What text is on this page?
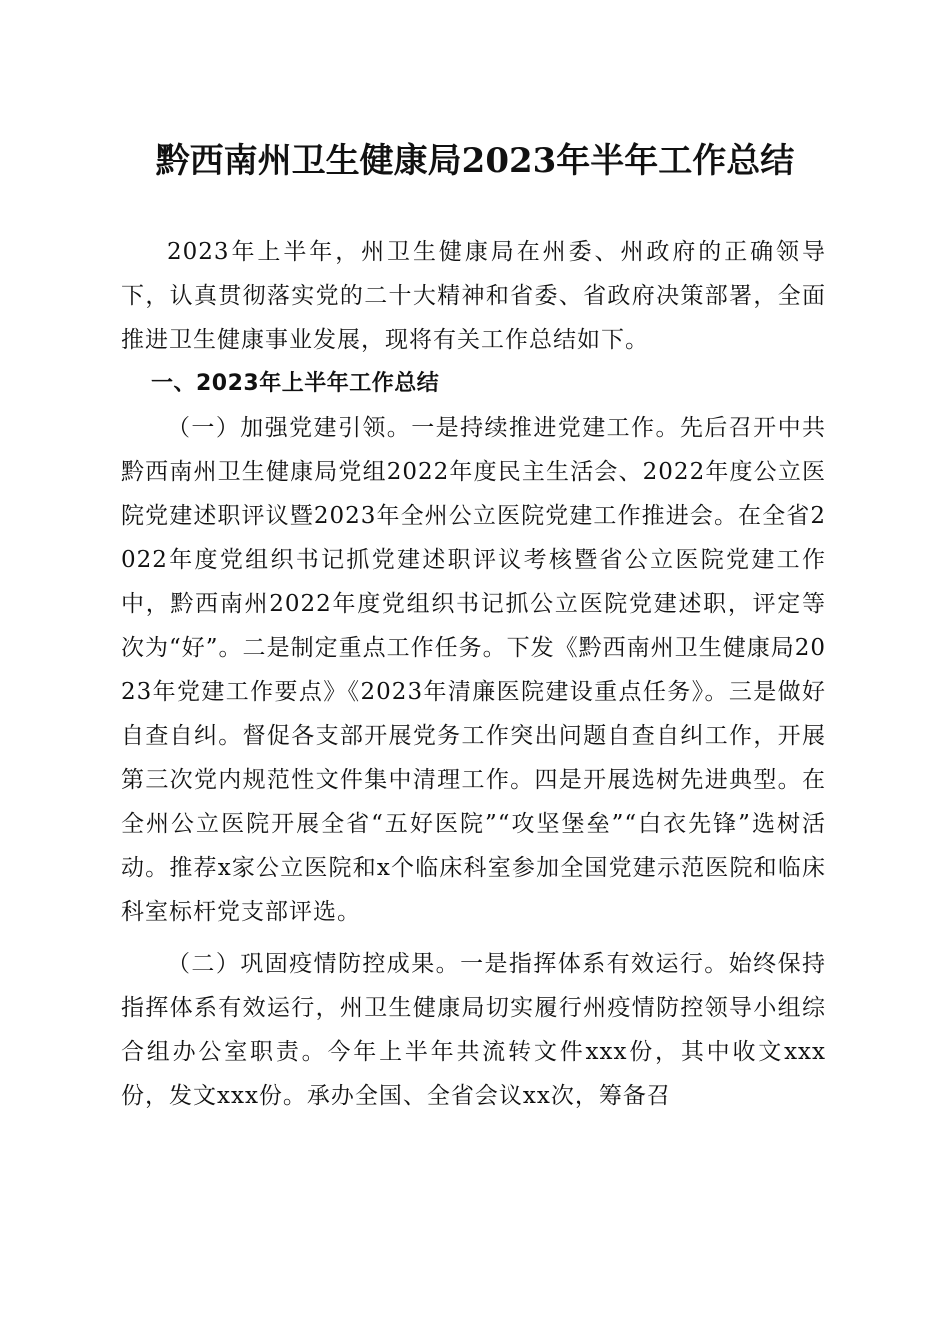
黔西南州卫生健康局2023年半年工作总结

2023年上半年，州卫生健康局在州委、州政府的正确领导下，认真贯彻落实党的二十大精神和省委、省政府决策部署，全面推进卫生健康事业发展，现将有关工作总结如下。

一、2023年上半年工作总结

（一）加强党建引领。一是持续推进党建工作。先后召开中共黔西南州卫生健康局党组2022年度民主生活会、2022年度公立医院党建述职评议暨2023年全州公立医院党建工作推进会。在全省2022年度党组织书记抓党建述职评议考核暨省公立医院党建工作中，黔西南州2022年度党组织书记抓公立医院党建述职，评定等次为“好”。二是制定重点工作任务。下发《黔西南州卫生健康局2023年党建工作要点》《2023年清廉医院建设重点任务》。三是做好自查自纠。督促各支部开展党务工作突出问题自查自纠工作，开展第三次党内规范性文件集中清理工作。四是开展选树先进典型。在全州公立医院开展全省“五好医院”“攻坚堡垒”“白衣先锋”选树活动。推荐x家公立医院和x个临床科室参加全国党建示范医院和临床科室标杆党支部评选。

（二）巩固疫情防控成果。一是指挥体系有效运行。始终保持指挥体系有效运行，州卫生健康局切实履行州疫情防控领导小组综合组办公室职责。今年上半年共流转文件xxx份，其中收文xxx份，发文xxx份。承办全国、全省会议xx次，筹备召
